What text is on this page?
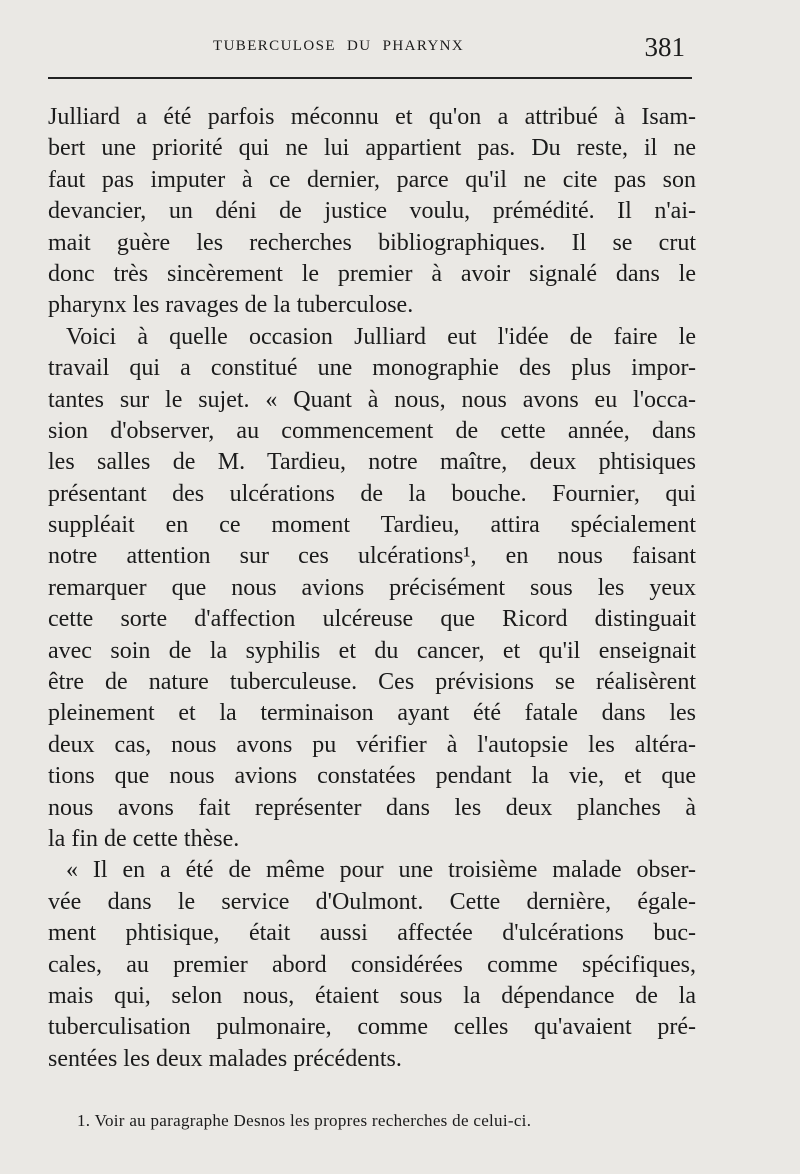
TUBERCULOSE DU PHARYNX	381
Julliard a été parfois méconnu et qu'on a attribué à Isam-
bert une priorité qui ne lui appartient pas. Du reste, il ne
faut pas imputer à ce dernier, parce qu'il ne cite pas son
devancier, un déni de justice voulu, prémédité. Il n'ai-
mait guère les recherches bibliographiques. Il se crut
donc très sincèrement le premier à avoir signalé dans le
pharynx les ravages de la tuberculose.
Voici à quelle occasion Julliard eut l'idée de faire le
travail qui a constitué une monographie des plus impor-
tantes sur le sujet. « Quant à nous, nous avons eu l'occa-
sion d'observer, au commencement de cette année, dans
les salles de M. Tardieu, notre maître, deux phtisiques
présentant des ulcérations de la bouche. Fournier, qui
suppléait en ce moment Tardieu, attira spécialement
notre attention sur ces ulcérations¹, en nous faisant
remarquer que nous avions précisément sous les yeux
cette sorte d'affection ulcéreuse que Ricord distinguait
avec soin de la syphilis et du cancer, et qu'il enseignait
être de nature tuberculeuse. Ces prévisions se réalisèrent
pleinement et la terminaison ayant été fatale dans les
deux cas, nous avons pu vérifier à l'autopsie les altéra-
tions que nous avions constatées pendant la vie, et que
nous avons fait représenter dans les deux planches à
la fin de cette thèse.
« Il en a été de même pour une troisième malade obser-
vée dans le service d'Oulmont. Cette dernière, égale-
ment phtisique, était aussi affectée d'ulcérations buc-
cales, au premier abord considérées comme spécifiques,
mais qui, selon nous, étaient sous la dépendance de la
tuberculisation pulmonaire, comme celles qu'avaient pré-
sentées les deux malades précédents.
1. Voir au paragraphe Desnos les propres recherches de celui-ci.
